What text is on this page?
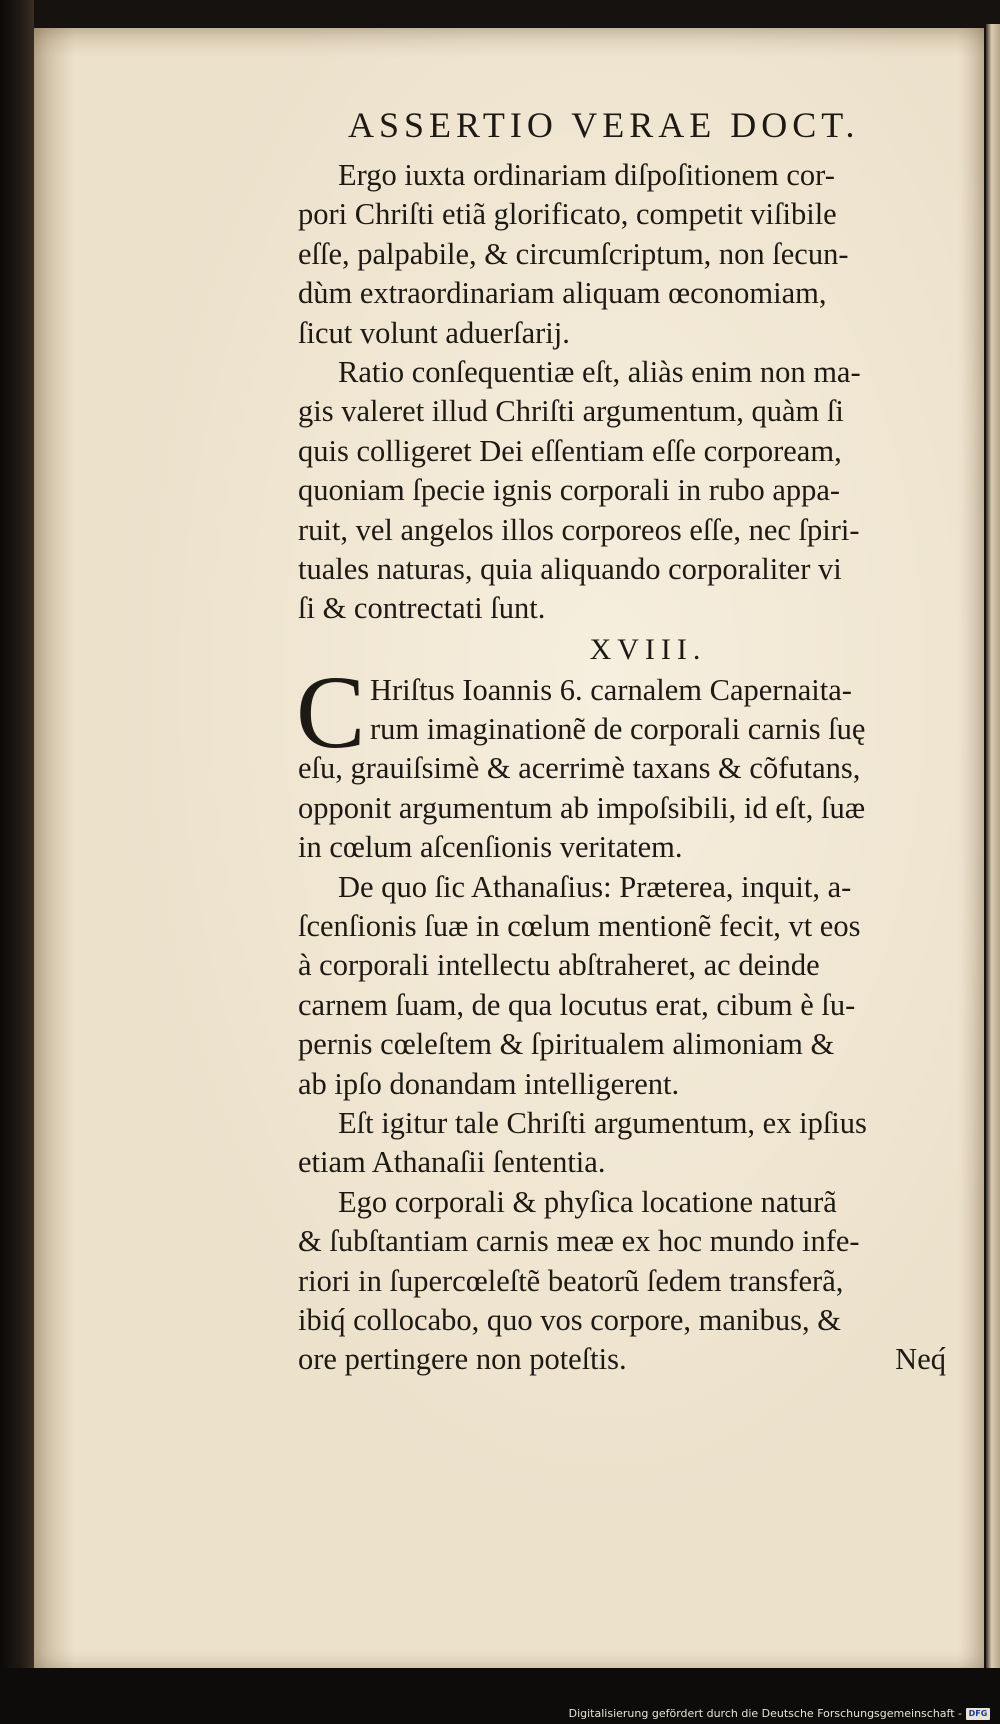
ASSERTIO VERAE DOCT.
Ergo iuxta ordinariam diſpoſitionem cor-
pori Chriſti etiã glorificato, competit viſibile
eſſe, palpabile, & circumſcriptum, non ſecun-
dùm extraordinariam aliquam œconomiam,
ſicut volunt aduerſarij.
Ratio conſequentiæ eſt, aliàs enim non ma-
gis valeret illud Chriſti argumentum, quàm ſi
quis colligeret Dei eſſentiam eſſe corpoream,
quoniam ſpecie ignis corporali in rubo appa-
ruit, vel angelos illos corporeos eſſe, nec ſpiri-
tuales naturas, quia aliquando corporaliter vi
ſi & contrectati ſunt.
XVIII.
C Hriſtus Ioannis 6. carnalem Capernaita-
rum imaginationẽ de corporali carnis ſuę
eſu, grauiſsimè & acerrimè taxans & cõfutans,
opponit argumentum ab impoſsibili, id eſt, ſuæ
in cœlum aſcenſionis veritatem.
De quo ſic Athanaſius: Præterea, inquit, a-
ſcenſionis ſuæ in cœlum mentionẽ fecit, vt eos
à corporali intellectu abſtraheret, ac deinde
carnem ſuam, de qua locutus erat, cibum è ſu-
pernis cœleſtem & ſpiritualem alimoniam &
ab ipſo donandam intelligerent.
Eſt igitur tale Chriſti argumentum, ex ipſius
etiam Athanaſii ſententia.
Ego corporali & phyſica locatione naturã
& ſubſtantiam carnis meæ ex hoc mundo infe-
riori in ſupercœleſtẽ beatorũ ſedem transferã,
ibiq́ collocabo, quo vos corpore, manibus, &
ore pertingere non poteſtis.	Neq́
Digitalisierung gefördert durch die Deutsche Forschungsgemeinschaft - DFG
